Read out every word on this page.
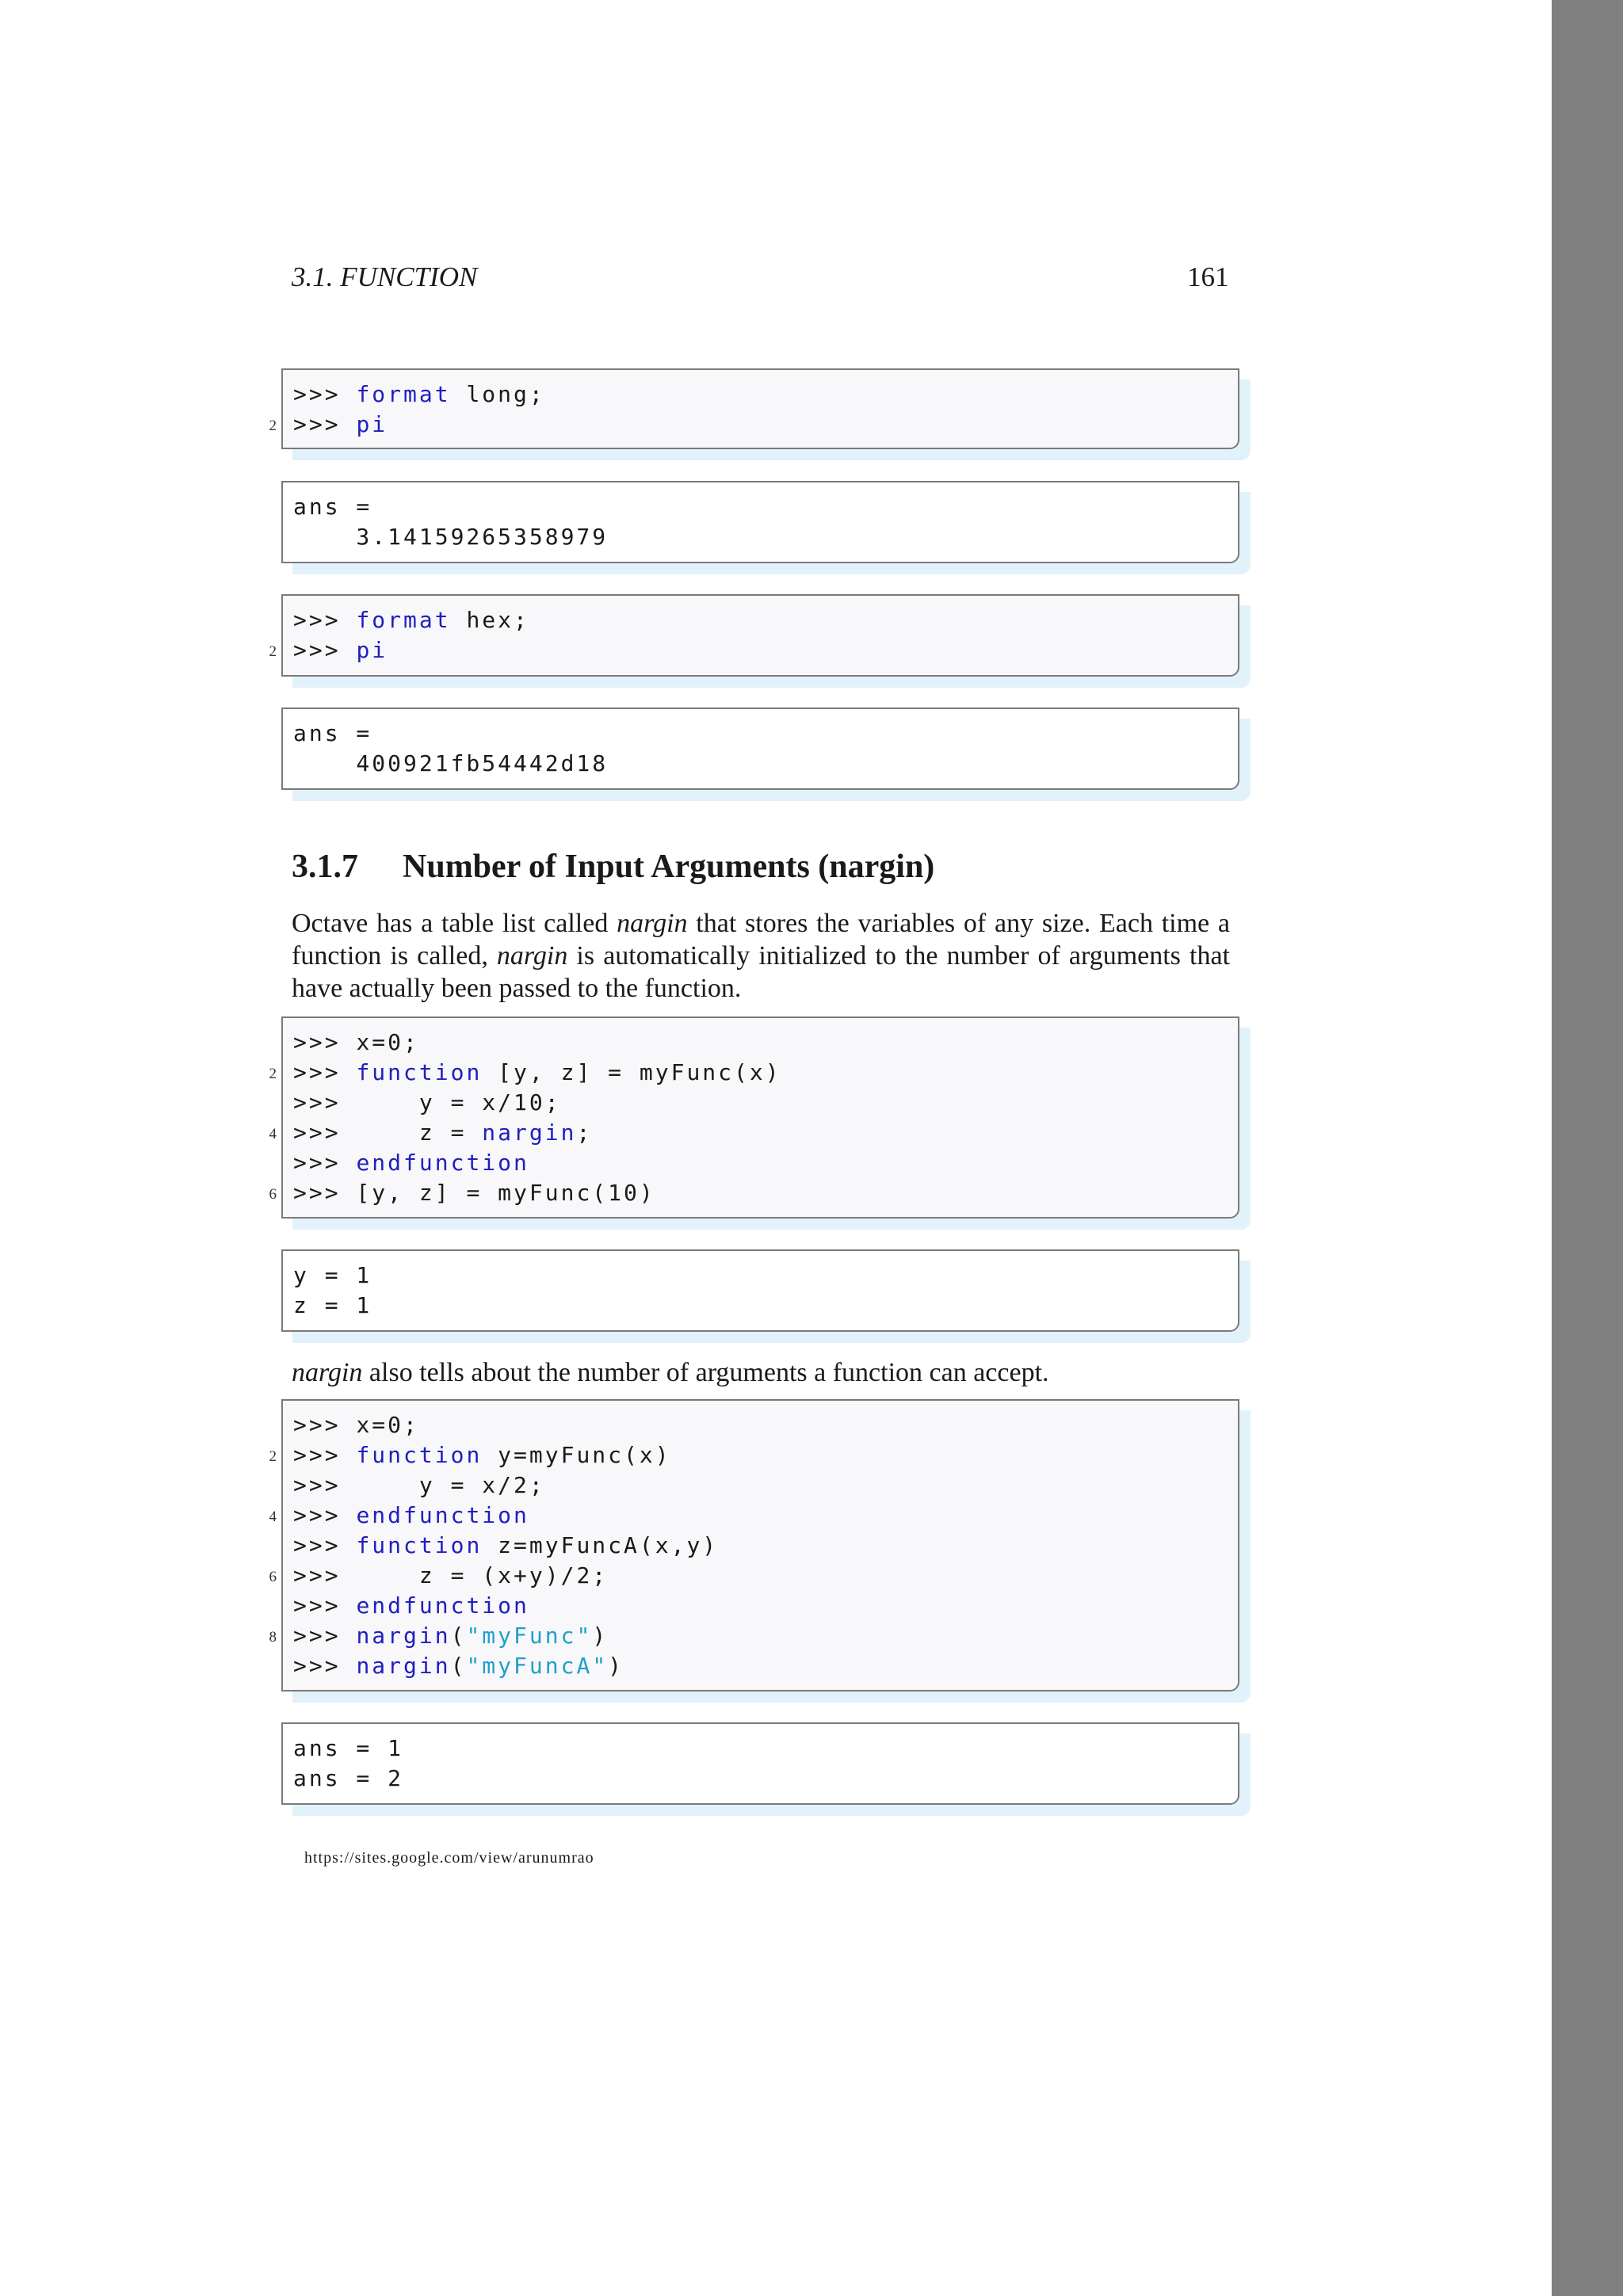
3.1. FUNCTION	161
>>> format long;
2 >>> pi
ans =
3.14159265358979
>>> format hex;
2 >>> pi
ans =
400921fb54442d18
3.1.7 Number of Input Arguments (nargin)
Octave has a table list called nargin that stores the variables of any size. Each time a function is called, nargin is automatically initialized to the number of arguments that have actually been passed to the function.
>>> x=0;
2 >>> function [y, z] = myFunc(x)
>>>     y = x/10;
4 >>>     z = nargin;
>>> endfunction
6 >>> [y, z] = myFunc(10)
y = 1
z = 1
nargin also tells about the number of arguments a function can accept.
>>> x=0;
2 >>> function y=myFunc(x)
>>>     y = x/2;
4 >>> endfunction
>>> function z=myFuncA(x,y)
6 >>>     z = (x+y)/2;
>>> endfunction
8 >>> nargin("myFunc")
>>> nargin("myFuncA")
ans = 1
ans = 2
https://sites.google.com/view/arunumrao
